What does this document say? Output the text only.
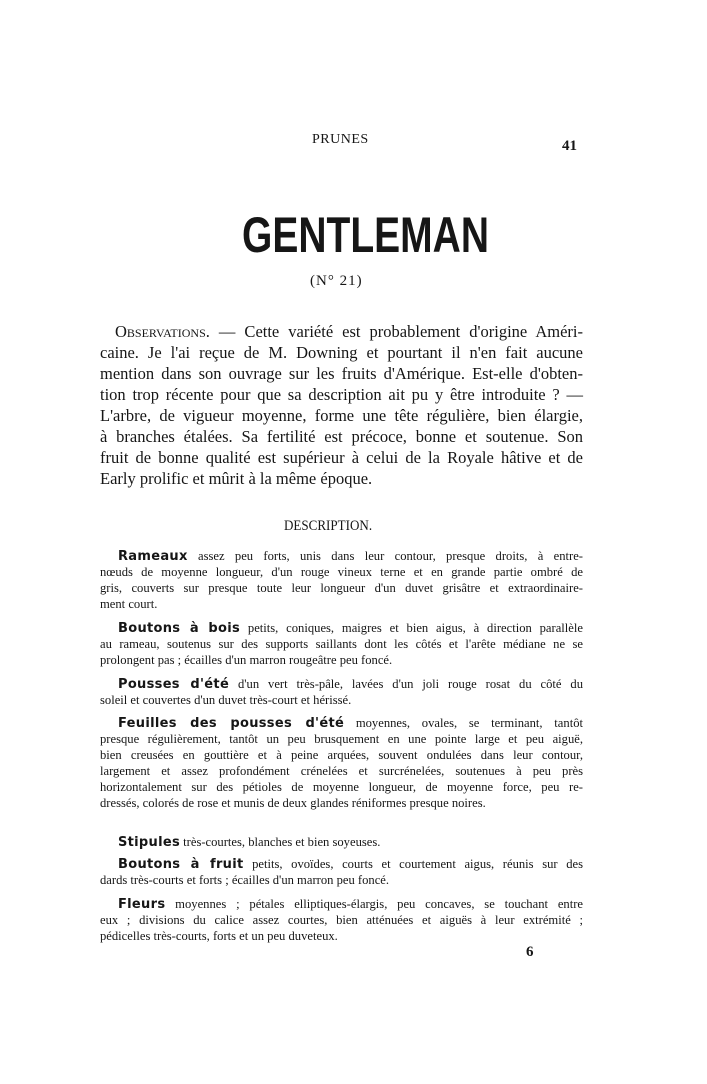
PRUNES	41
GENTLEMAN
(N° 21)
Observations. — Cette variété est probablement d'origine Améri-
caine. Je l'ai reçue de M. Downing et pourtant il n'en fait aucune
mention dans son ouvrage sur les fruits d'Amérique. Est-elle d'obten-
tion trop récente pour que sa description ait pu y être introduite ? —
L'arbre, de vigueur moyenne, forme une tête régulière, bien élargie,
à branches étalées. Sa fertilité est précoce, bonne et soutenue. Son
fruit de bonne qualité est supérieur à celui de la Royale hâtive et de
Early prolific et mûrit à la même époque.
DESCRIPTION.
Rameaux assez peu forts, unis dans leur contour, presque droits, à entre-
nœuds de moyenne longueur, d'un rouge vineux terne et en grande partie ombré de
gris, couverts sur presque toute leur longueur d'un duvet grisâtre et extraordinaire-
ment court.
Boutons à bois petits, coniques, maigres et bien aigus, à direction parallèle
au rameau, soutenus sur des supports saillants dont les côtés et l'arête médiane ne se
prolongent pas ; écailles d'un marron rougeâtre peu foncé.
Pousses d'été d'un vert très-pâle, lavées d'un joli rouge rosat du côté du
soleil et couvertes d'un duvet très-court et hérissé.
Feuilles des pousses d'été moyennes, ovales, se terminant, tantôt
presque régulièrement, tantôt un peu brusquement en une pointe large et peu aiguë,
bien creusées en gouttière et à peine arquées, souvent ondulées dans leur contour,
largement et assez profondément crénelées et surcrénelées, soutenues à peu près
horizontalement sur des pétioles de moyenne longueur, de moyenne force, peu re-
dressés, colorés de rose et munis de deux glandes réniformes presque noires.
Stipules très-courtes, blanches et bien soyeuses.
Boutons à fruit petits, ovoïdes, courts et courtement aigus, réunis sur des
dards très-courts et forts ; écailles d'un marron peu foncé.
Fleurs moyennes ; pétales elliptiques-élargis, peu concaves, se touchant entre
eux ; divisions du calice assez courtes, bien atténuées et aiguës à leur extrémité ;
pédicelles très-courts, forts et un peu duveteux.
6
